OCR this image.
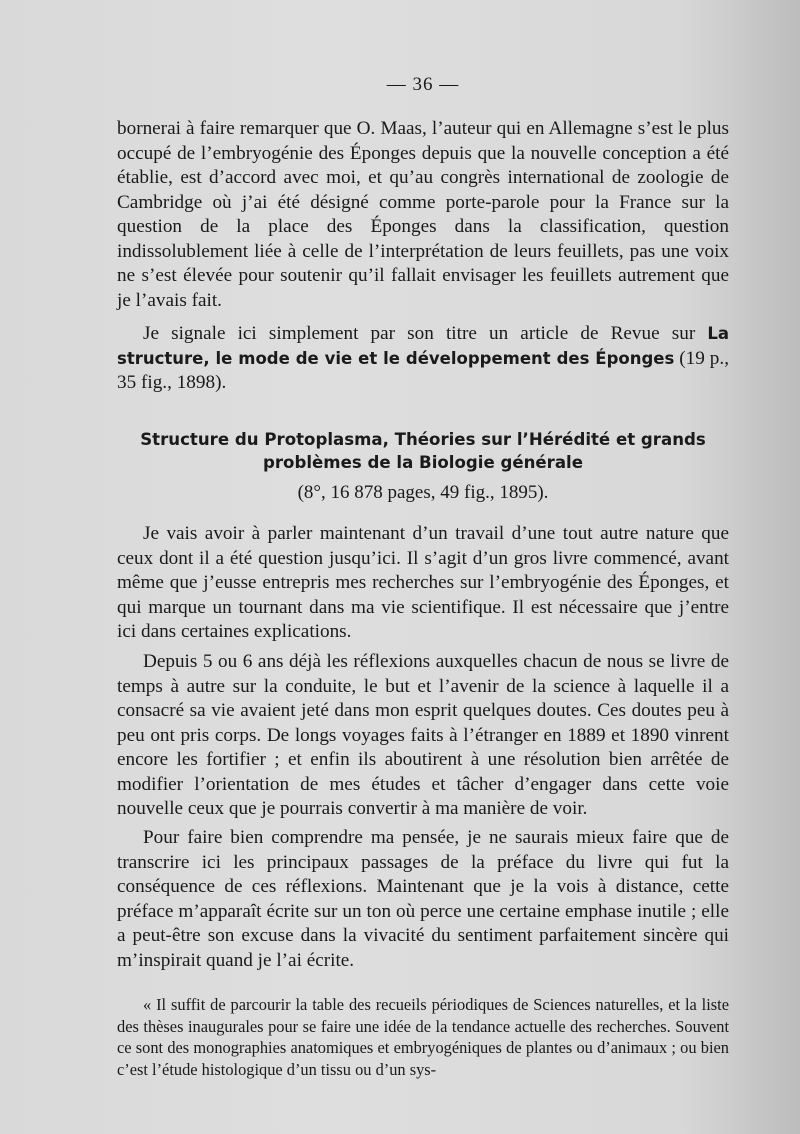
— 36 —

bornerai à faire remarquer que O. Maas, l’auteur qui en Allemagne s’est le plus occupé de l’embryogénie des Éponges depuis que la nouvelle conception a été établie, est d’accord avec moi, et qu’au congrès international de zoologie de Cambridge où j’ai été désigné comme porte-parole pour la France sur la question de la place des Éponges dans la classification, question indissolublement liée à celle de l’interprétation de leurs feuillets, pas une voix ne s’est élevée pour soutenir qu’il fallait envisager les feuillets autrement que je l’avais fait.

Je signale ici simplement par son titre un article de Revue sur La structure, le mode de vie et le développement des Éponges (19 p., 35 fig., 1898).

Structure du Protoplasma, Théories sur l’Hérédité et grands problèmes de la Biologie générale
(8°, 16 878 pages, 49 fig., 1895).

Je vais avoir à parler maintenant d’un travail d’une tout autre nature que ceux dont il a été question jusqu’ici. Il s’agit d’un gros livre commencé, avant même que j’eusse entrepris mes recherches sur l’embryogénie des Éponges, et qui marque un tournant dans ma vie scientifique. Il est nécessaire que j’entre ici dans certaines explications.

Depuis 5 ou 6 ans déjà les réflexions auxquelles chacun de nous se livre de temps à autre sur la conduite, le but et l’avenir de la science à laquelle il a consacré sa vie avaient jeté dans mon esprit quelques doutes. Ces doutes peu à peu ont pris corps. De longs voyages faits à l’étranger en 1889 et 1890 vinrent encore les fortifier ; et enfin ils aboutirent à une résolution bien arrêtée de modifier l’orientation de mes études et tâcher d’engager dans cette voie nouvelle ceux que je pourrais convertir à ma manière de voir.

Pour faire bien comprendre ma pensée, je ne saurais mieux faire que de transcrire ici les principaux passages de la préface du livre qui fut la conséquence de ces réflexions. Maintenant que je la vois à distance, cette préface m’apparaît écrite sur un ton où perce une certaine emphase inutile ; elle a peut-être son excuse dans la vivacité du sentiment parfaitement sincère qui m’inspirait quand je l’ai écrite.

« Il suffit de parcourir la table des recueils périodiques de Sciences naturelles, et la liste des thèses inaugurales pour se faire une idée de la tendance actuelle des recherches. Souvent ce sont des monographies anatomiques et embryogéniques de plantes ou d’animaux ; ou bien c’est l’étude histologique d’un tissu ou d’un sys-
